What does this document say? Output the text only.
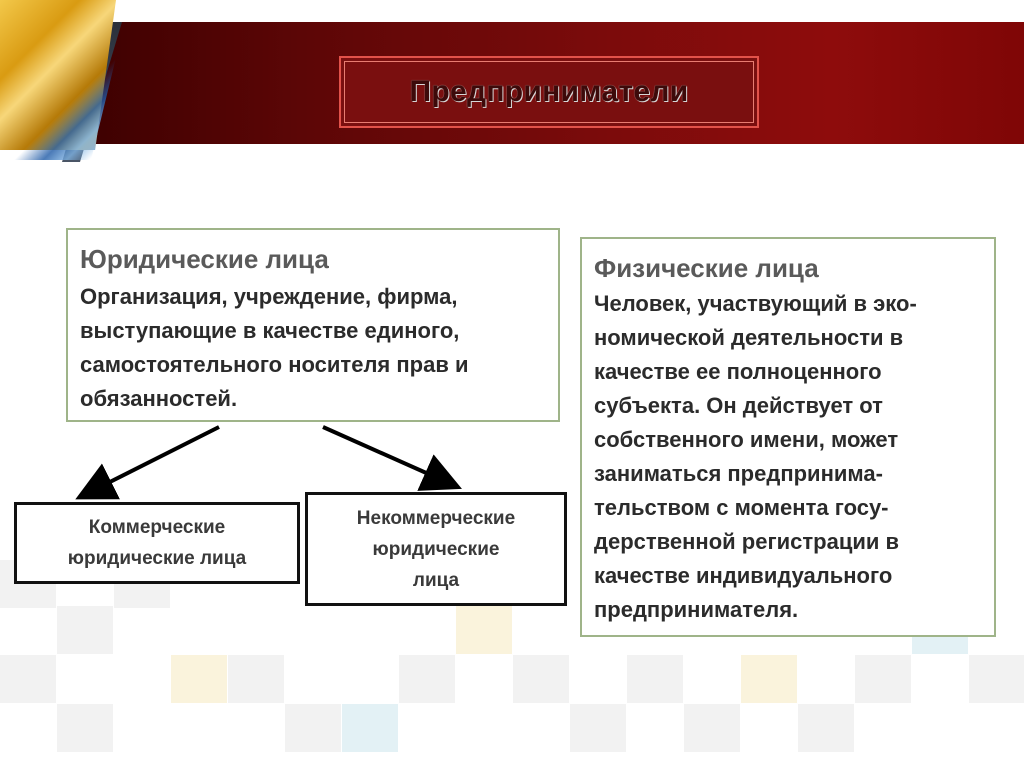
Предприниматели
Юридические лица
Организация, учреждение, фирма,
выступающие в качестве единого,
самостоятельного носителя прав и
обязанностей.
Физические лица
Человек, участвующий в эко-
номической деятельности в
качестве ее полноценного
субъекта. Он действует от
собственного имени, может
заниматься предпринима-
тельством с момента госу-
дерственной регистрации в
качестве индивидуального
предпринимателя.
Коммерческие
юридические лица
Некоммерческие
юридические
лица
